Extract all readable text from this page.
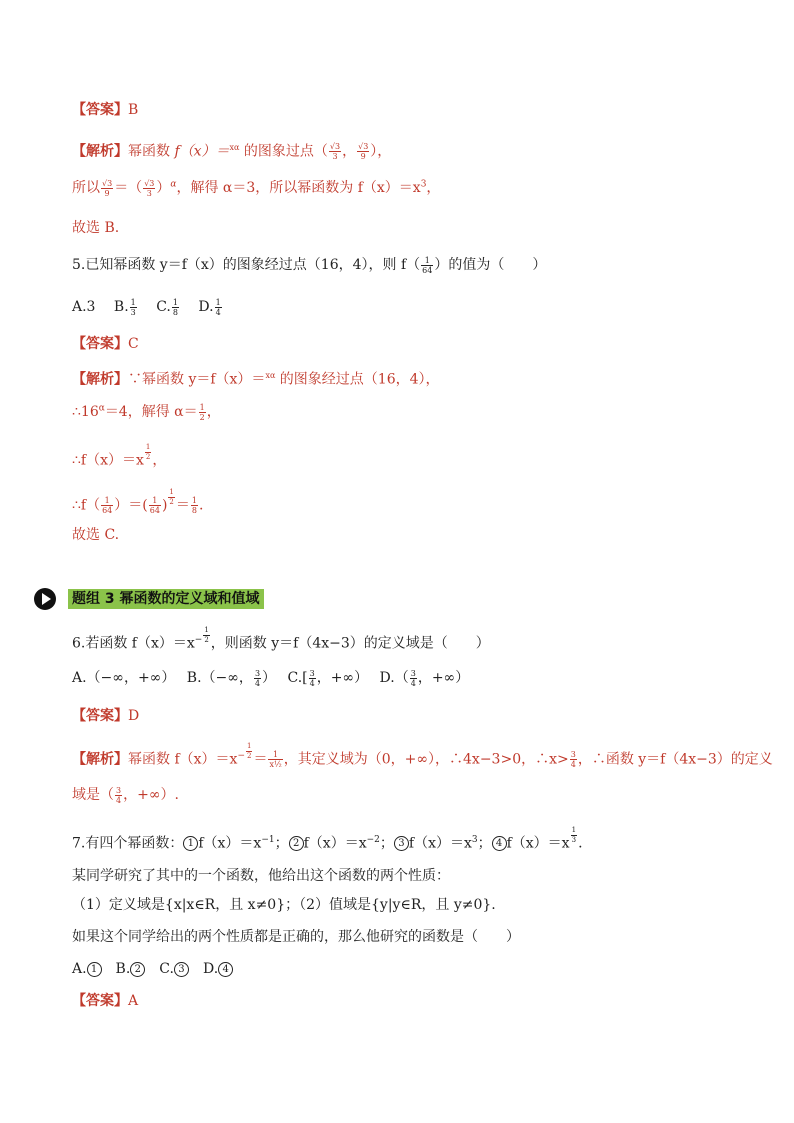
【答案】B
【解析】幂函数 f（x）＝$^{x\alpha}$ 的图象过点（ $\frac{√3}{3}$ ， $\frac{√3}{9}$ ），
所以 $\frac{√3}{9}$ ＝（ $\frac{√3}{3} )^\alpha$，解得 α＝3，所以幂函数为 $f(x)=x^3$，
故选 B.
5.已知幂函数 y＝f（x）的图象经过点（16，4），则 $f( \frac{1}{64}$ ）的值为（　　）
A.3　 B. $\frac{1}{3}$ 　 C. $\frac{1}{8}$ 　 D. $\frac{1}{4}$
【答案】C
【解析】∵幂函数 y＝f（x）＝$^{x\alpha}$ 的图象经过点（16，4），
$\therefore 16^\alpha=4$，解得 $\alpha= \frac{1}{2}$ ，
∴f（x）＝x $\frac{1}{2}$ ，
∴f（ $\frac{1}{64}$ ）＝( $\frac{1}{64}$ ) $\frac{1}{2} = \frac{1}{8}$ .
故选 C.
题组 3 幂函数的定义域和值域
6.若函数 $f(x)=x^- \frac{1}{2}$ ，则函数 y＝f（4x−3）的定义域是（　　）
A.（−∞，+∞）　 B.（−∞， $\frac{3}{4}$ ）　 $C.[ \frac{3}{4}$ ，+∞）　 $D.( \frac{3}{4}$ ，+∞）
【答案】D
【解析】幂函数 $f(x)=x^- \frac{1}{2} = \frac{1}{\text{x½}}$ ，其定义域为（0，+∞），∴4x−3>0，∴x> $\frac{3}{4}$ ，∴函数 y＝f（4x−3）的定义
域是（ $\frac{3}{4}$ ，+∞）.
7.有四个幂函数： 1 $f(x)=x^{-1}$； 2 $f(x)=x^{-2}$； 3 $f(x)=x^3$； 4 $f(x)=x \frac{1}{3}$ .
某同学研究了其中的一个函数，他给出这个函数的两个性质：
（1）定义域是{x|x∈R，且 x≠0}；（2）值域是{y|y∈R，且 y≠0}.
如果这个同学给出的两个性质都是正确的，那么他研究的函数是（　　）
A. 1　B. 2　C. 3　D. 4
【答案】A
